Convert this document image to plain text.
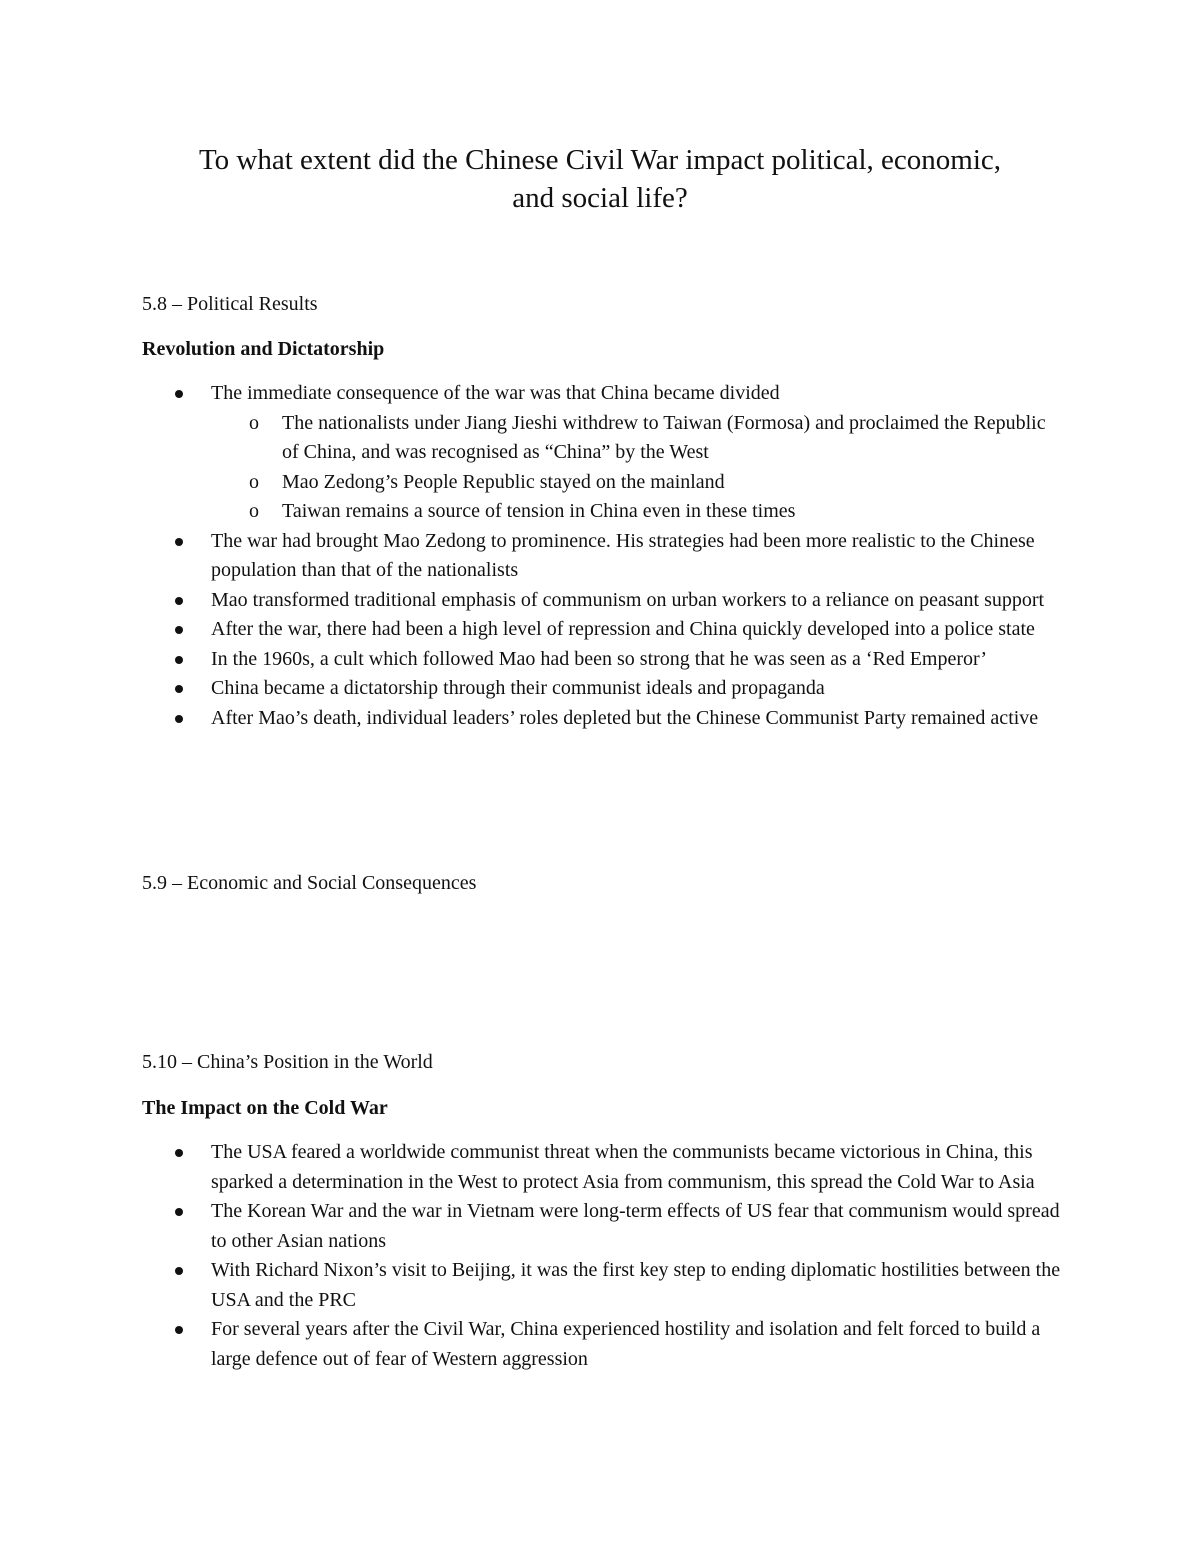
To what extent did the Chinese Civil War impact political, economic,
and social life?
5.8 – Political Results
Revolution and Dictatorship
The immediate consequence of the war was that China became divided
o The nationalists under Jiang Jieshi withdrew to Taiwan (Formosa) and proclaimed the Republic of China, and was recognised as “China” by the West
o Mao Zedong’s People Republic stayed on the mainland
o Taiwan remains a source of tension in China even in these times
The war had brought Mao Zedong to prominence. His strategies had been more realistic to the Chinese population than that of the nationalists
Mao transformed traditional emphasis of communism on urban workers to a reliance on peasant support
After the war, there had been a high level of repression and China quickly developed into a police state
In the 1960s, a cult which followed Mao had been so strong that he was seen as a ‘Red Emperor’
China became a dictatorship through their communist ideals and propaganda
After Mao’s death, individual leaders’ roles depleted but the Chinese Communist Party remained active
5.9 – Economic and Social Consequences
5.10 – China’s Position in the World
The Impact on the Cold War
The USA feared a worldwide communist threat when the communists became victorious in China, this sparked a determination in the West to protect Asia from communism, this spread the Cold War to Asia
The Korean War and the war in Vietnam were long-term effects of US fear that communism would spread to other Asian nations
With Richard Nixon’s visit to Beijing, it was the first key step to ending diplomatic hostilities between the USA and the PRC
For several years after the Civil War, China experienced hostility and isolation and felt forced to build a large defence out of fear of Western aggression
